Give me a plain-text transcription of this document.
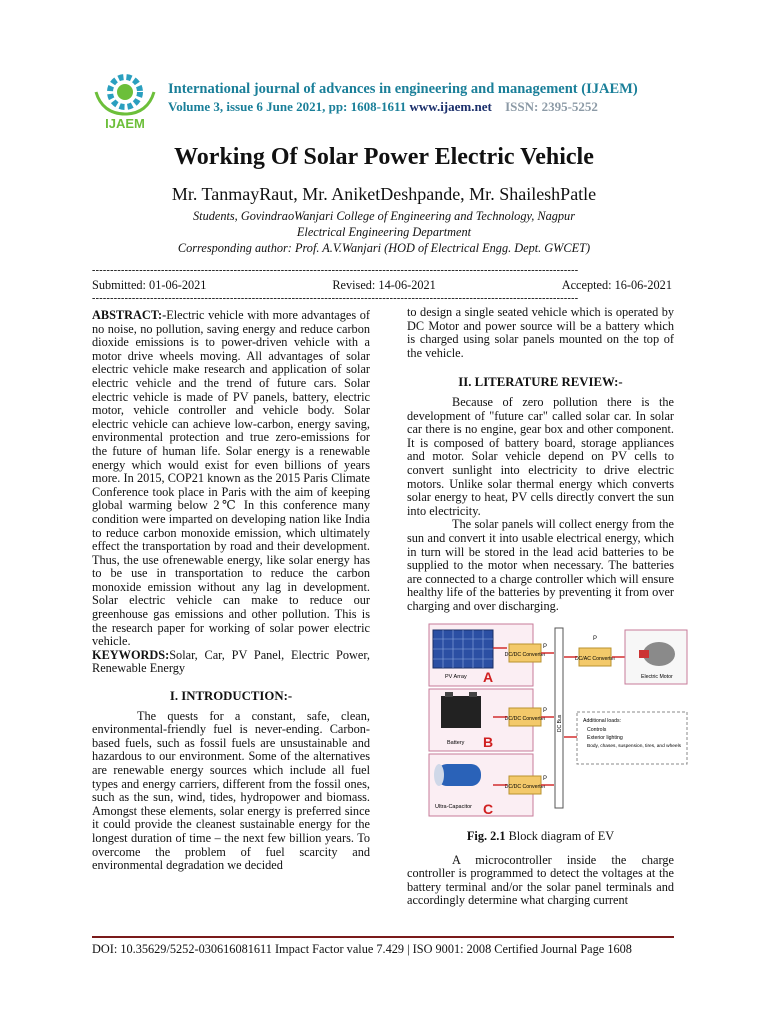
IJAEM
International journal of advances in engineering and management (IJAEM)
Volume 3, issue 6 June 2021, pp: 1608-1611 www.ijaem.net ISSN: 2395-5252
Working Of Solar Power Electric Vehicle
Mr. TanmayRaut, Mr. AniketDeshpande, Mr. ShaileshPatle
Students, GovindraoWanjari College of Engineering and Technology, Nagpur
Electrical Engineering Department
Corresponding author: Prof. A.V.Wanjari (HOD of Electrical Engg. Dept. GWCET)
--------------------------------------------------------------------------------------------------------------------------------------
Submitted: 01-06-2021	Revised: 14-06-2021	Accepted: 16-06-2021
--------------------------------------------------------------------------------------------------------------------------------------

ABSTRACT:-Electric vehicle with more advantages of no noise, no pollution, saving energy and reduce carbon dioxide emissions is to power-driven vehicle with a motor drive wheels moving. All advantages of solar electric vehicle make research and application of solar electric vehicle and the trend of future cars. Solar electric vehicle is made of PV panels, battery, electric motor, vehicle controller and vehicle body. Solar electric vehicle can achieve low-carbon, energy saving, environmental protection and true zero-emissions for the future of human life. Solar energy is a renewable energy which would exist for even billions of years more. In 2015, COP21 known as the 2015 Paris Climate Conference took place in Paris with the aim of keeping global warming below 2℃ In this conference many condition were imparted on developing nation like India to reduce carbon monoxide emission, which ultimately effect the transportation by road and their development. Thus, the use ofrenewable energy, like solar energy has to be use in transportation to reduce the carbon monoxide emission without any lag in development. Solar electric vehicle can make to reduce our greenhouse gas emissions and other pollution. This is the research paper for working of solar power electric vehicle.

KEYWORDS:Solar, Car, PV Panel, Electric Power, Renewable Energy

I. INTRODUCTION:-

The quests for a constant, safe, clean, environmental-friendly fuel is never-ending. Carbon-based fuels, such as fossil fuels are unsustainable and hazardous to our environment. Some of the alternatives are renewable energy sources which include all fuel types and energy carriers, different from the fossil ones, such as the sun, wind, tides, hydropower and biomass. Amongst these elements, solar energy is preferred since it could provide the cleanest sustainable energy for the longest duration of time – the next few billion years. To overcome the problem of fuel scarcity and environmental degradation we decided

to design a single seated vehicle which is operated by DC Motor and power source will be a battery which is charged using solar panels mounted on the top of the vehicle.

II. LITERATURE REVIEW:-

Because of zero pollution there is the development of "future car" called solar car. In solar car there is no engine, gear box and other component. It is composed of battery board, storage appliances and motor. Solar vehicle depend on PV cells to convert sunlight into electricity to drive electric motors. Unlike solar thermal energy which converts solar energy to heat, PV cells directly convert the sun into electricity.

The solar panels will collect energy from the sun and convert it into usable electrical energy, which in turn will be stored in the lead acid batteries to be supplied to the motor when necessary. The batteries are connected to a charge controller which will ensure healthy life of the batteries by preventing it from over charging and over discharging.

PV Array A
Battery B
Ultra-Capacitor C
DC/DC Converter
DC/DC Converter
DC/DC Converter
DC/AC Converter
DC Bus
P
P
P
P
Electric Motor
Additional loads:
Controls
Exterior lighting
Body, chases, suspension, tires, and wheels
Fig. 2.1 Block diagram of EV

A microcontroller inside the charge controller is programmed to detect the voltages at the battery terminal and/or the solar panel terminals and accordingly determine what charging current

DOI: 10.35629/5252-030616081611 Impact Factor value 7.429 | ISO 9001: 2008 Certified Journal Page 1608
